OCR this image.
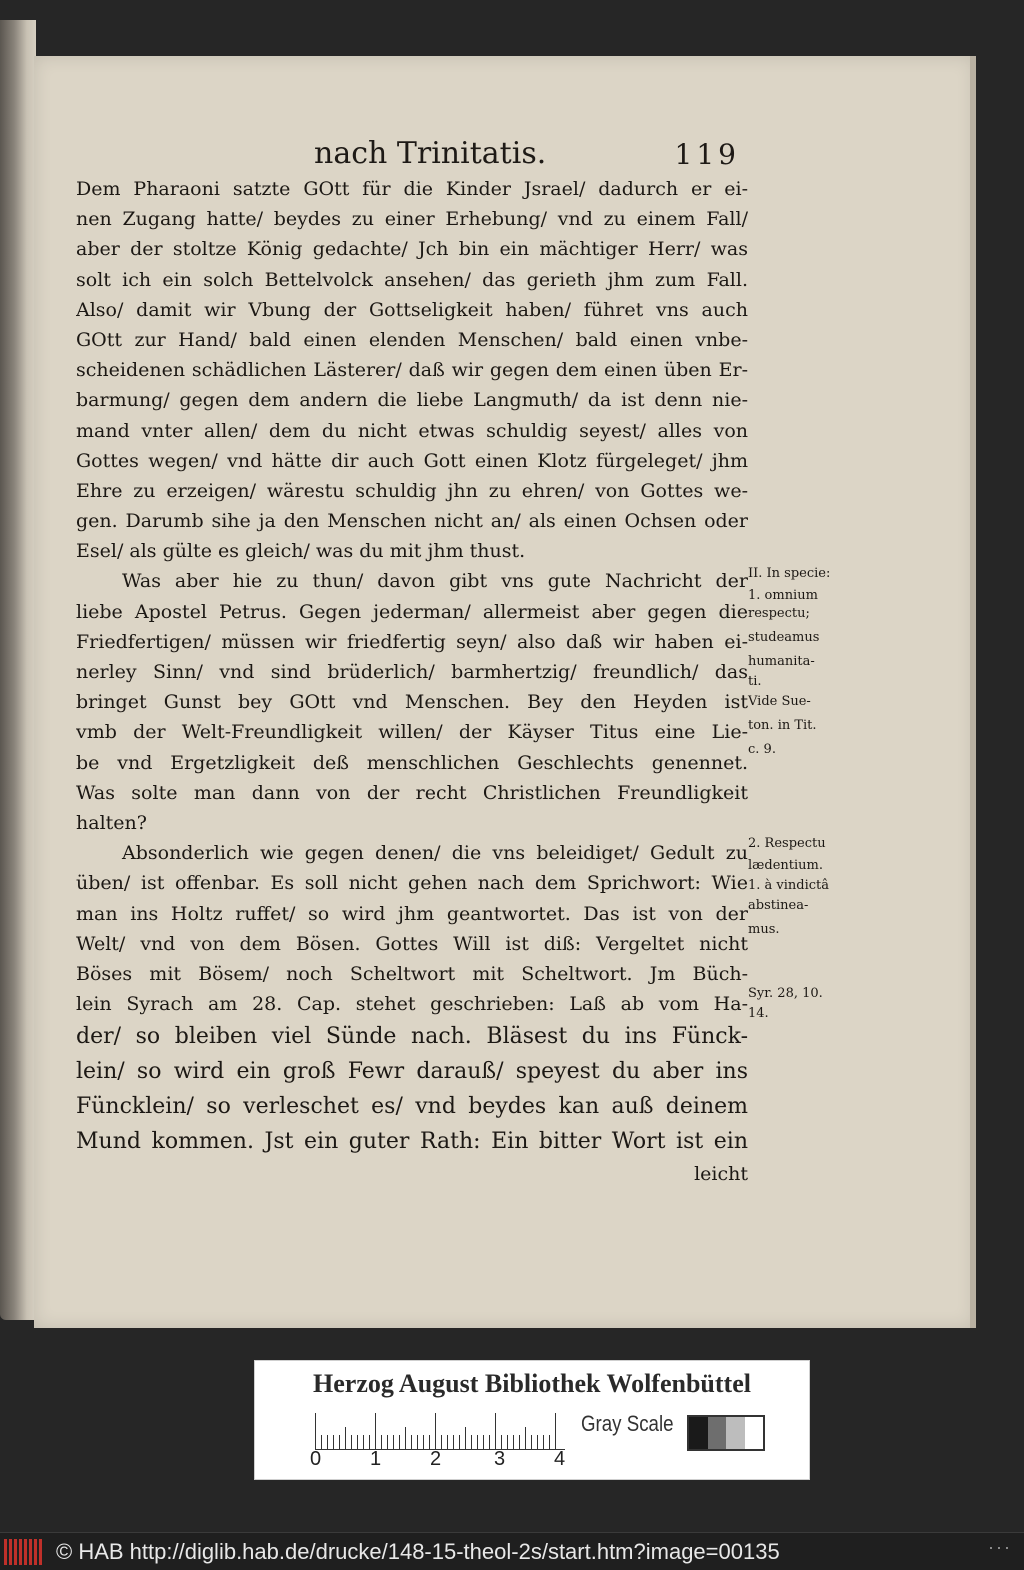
nach Trinitatis.	119
Dem Pharaoni satzte GOtt für die Kinder Jsrael/ dadurch er ei-
nen Zugang hatte/ beydes zu einer Erhebung/ vnd zu einem Fall/
aber der stoltze König gedachte/ Jch bin ein mächtiger Herr/ was
solt ich ein solch Bettelvolck ansehen/ das gerieth jhm zum Fall.
Also/ damit wir Vbung der Gottseligkeit haben/ führet vns auch
GOtt zur Hand/ bald einen elenden Menschen/ bald einen vnbe-
scheidenen schädlichen Lästerer/ daß wir gegen dem einen üben Er-
barmung/ gegen dem andern die liebe Langmuth/ da ist denn nie-
mand vnter allen/ dem du nicht etwas schuldig seyest/ alles von
Gottes wegen/ vnd hätte dir auch Gott einen Klotz fürgeleget/ jhm
Ehre zu erzeigen/ wärestu schuldig jhn zu ehren/ von Gottes we-
gen. Darumb sihe ja den Menschen nicht an/ als einen Ochsen oder
Esel/ als gülte es gleich/ was du mit jhm thust.
Was aber hie zu thun/ davon gibt vns gute Nachricht der
liebe Apostel Petrus. Gegen jederman/ allermeist aber gegen die
Friedfertigen/ müssen wir friedfertig seyn/ also daß wir haben ei-
nerley Sinn/ vnd sind brüderlich/ barmhertzig/ freundlich/ das
bringet Gunst bey GOtt vnd Menschen. Bey den Heyden ist
vmb der Welt-Freundligkeit willen/ der Käyser Titus eine Lie-
be vnd Ergetzligkeit deß menschlichen Geschlechts genennet.
Was solte man dann von der recht Christlichen Freundligkeit
halten?
Absonderlich wie gegen denen/ die vns beleidiget/ Gedult zu
üben/ ist offenbar. Es soll nicht gehen nach dem Sprichwort: Wie
man ins Holtz ruffet/ so wird jhm geantwortet. Das ist von der
Welt/ vnd von dem Bösen. Gottes Will ist diß: Vergeltet nicht
Böses mit Bösem/ noch Scheltwort mit Scheltwort. Jm Büch-
lein Syrach am 28. Cap. stehet geschrieben: Laß ab vom Ha-
der/ so bleiben viel Sünde nach. Bläsest du ins Fünck-
lein/ so wird ein groß Fewr darauß/ speyest du aber ins
Füncklein/ so verleschet es/ vnd beydes kan auß deinem
Mund kommen. Jst ein guter Rath: Ein bitter Wort ist ein
leicht
II. In specie:
1. omnium
respectu;
studeamus
humanita-
ti.
Vide Sue-
ton. in Tit.
c. 9.
2. Respectu
lædentium.
1. à vindictâ
abstinea-
mus.
Syr. 28, 10.
14.
Herzog August Bibliothek Wolfenbüttel
Gray Scale
0 1 2	3 4
© HAB http://diglib.hab.de/drucke/148-15-theol-2s/start.htm?image=00135	···
